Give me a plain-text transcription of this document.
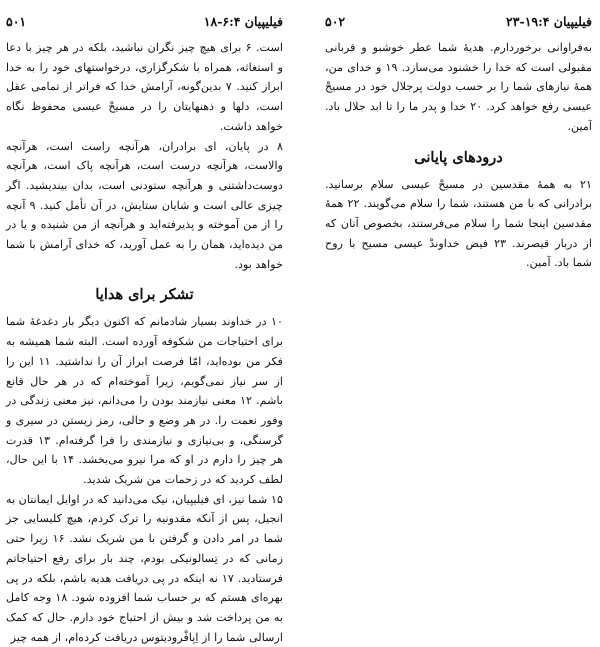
فیلیپیان ۱۹:۴-۲۳
۵۰۲

به‌فراوانی برخوردارم. هدیهٔ شما عطر خوشبو و قربانی مقبولی است که خدا را خشنود می‌سازد. ۱۹ و خدای من، همهٔ نیازهای شما را بر حسب دولت پرجلال خود در مسیحْ عیسی رفع خواهد کرد. ۲۰ خدا و پدر ما را تا ابد جلال باد. آمین.

درودهای پایانی

۲۱ به همهٔ مقدسین در مسیحْ عیسی سلام برسانید. برادرانی که با من هستند، شما را سلام می‌گویند. ۲۲ همهٔ مقدسین اینجا شما را سلام می‌فرستند، بخصوص آنان که از دربار قیصرند. ۲۳ فیض خداوندْ عیسی مسیح با روح شما باد. آمین.

فیلیپیان ۶:۴-۱۸
۵۰۱

است. ۶ برای هیچ چیز نگران نباشید، بلکه در هر چیز با دعا و استغاثه، همراه با شکرگزاری، درخواستهای خود را به خدا ابراز کنید. ۷ بدین‌گونه، آرامش خدا که فراتر از تمامی عقل است، دلها و ذهنهایتان را در مسیحْ عیسی محفوظ نگاه خواهد داشت.

۸ در پایان، ای برادران، هرآنچه راست است، هرآنچه والاست، هرآنچه درست است، هرآنچه پاک است، هرآنچه دوست‌داشتنی و هرآنچه ستودنی است، بدان بیندیشید. اگر چیزی عالی است و شایان ستایش، در آن تأمل کنید. ۹ آنچه را از من آموخته و پذیرفته‌اید و هرآنچه از من شنیده و یا در من دیده‌اید، همان را به عمل آورید، که خدای آرامش با شما خواهد بود.

تشکر برای هدایا

۱۰ در خداوند بسیار شادمانم که اکنون دیگر بار دغدغهٔ شما برای احتیاجات من شکوفه آورده است. البته شما همیشه به فکر من بوده‌اید، امّا فرصت ابراز آن را نداشتید. ۱۱ این را از سر نیاز نمی‌گویم، زیرا آموخته‌ام که در هر حال قانع باشم. ۱۲ معنی نیازمند بودن را می‌دانم، نیز معنی زندگی در وفور نعمت را. در هر وضع و حالی، رمز زیستن در سیری و گرسنگی، و بی‌نیازی و نیازمندی را فرا گرفته‌ام. ۱۳ قدرت هر چیز را دارم در او که مرا نیرو می‌بخشد. ۱۴ با این حال، لطف کردید که در زحمات من شریک شدید.

۱۵ شما نیز، ای فیلیپیان، نیک می‌دانید که در اوایل ایمانتان به انجیل، پس از آنکه مقدونیه را ترک کردم، هیچ کلیسایی جز شما در امر دادن و گرفتن با من شریک نشد. ۱۶ زیرا حتی زمانی که در تِسالونیکی بودم، چند بار برای رفع احتیاجاتم فرستادید. ۱۷ نه اینکه در پی دریافت هدیه باشم، بلکه در پی بهره‌ای هستم که بر حساب شما افزوده شود. ۱۸ وجه کامل به من پرداخت شد و بیش از احتیاج خود دارم. حال که کمک ارسالی شما را از اِپافْرودیتوس دریافت کرده‌ام، از همه چیز
